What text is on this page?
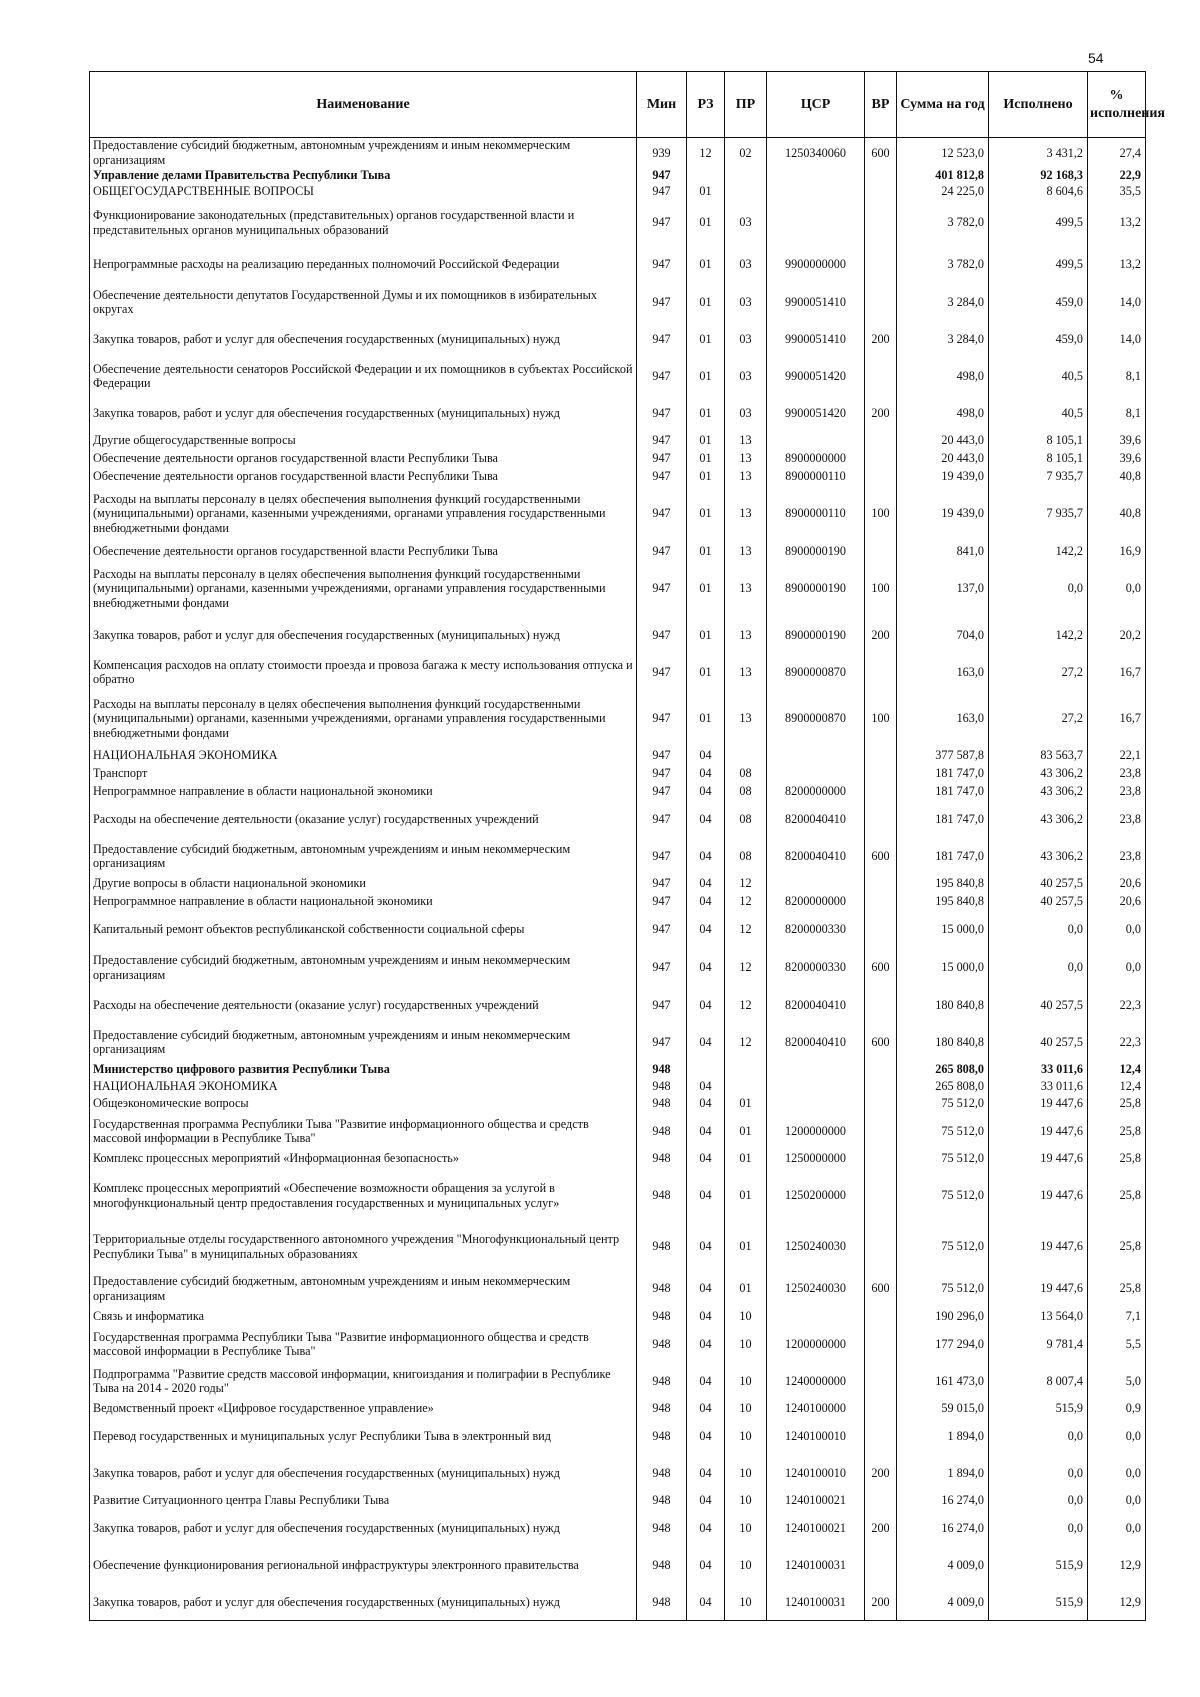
54
Наименование	Мин	РЗ	ПР	ЦСР	ВР	Сумма на год	Исполнено	% исполнения
Предоставление субсидий бюджетным, автономным учреждениям и иным некоммерческим организациям	939	12	02	1250340060	600	12 523,0	3 431,2	27,4
Управление делами Правительства Республики Тыва	947					401 812,8	92 168,3	22,9
ОБЩЕГОСУДАРСТВЕННЫЕ ВОПРОСЫ	947	01				24 225,0	8 604,6	35,5
Функционирование законодательных (представительных) органов государственной власти и представительных органов муниципальных образований	947	01	03			3 782,0	499,5	13,2
Непрограммные расходы на реализацию переданных полномочий Российской Федерации	947	01	03	9900000000		3 782,0	499,5	13,2
Обеспечение деятельности депутатов Государственной Думы и их помощников в избирательных округах	947	01	03	9900051410		3 284,0	459,0	14,0
Закупка товаров, работ и услуг для обеспечения государственных (муниципальных) нужд	947	01	03	9900051410	200	3 284,0	459,0	14,0
Обеспечение деятельности сенаторов Российской Федерации и их помощников в субъектах Российской Федерации	947	01	03	9900051420		498,0	40,5	8,1
Закупка товаров, работ и услуг для обеспечения государственных (муниципальных) нужд	947	01	03	9900051420	200	498,0	40,5	8,1
Другие общегосударственные вопросы	947	01	13			20 443,0	8 105,1	39,6
Обеспечение деятельности органов государственной власти Республики Тыва	947	01	13	8900000000		20 443,0	8 105,1	39,6
Обеспечение деятельности органов государственной власти Республики Тыва	947	01	13	8900000110		19 439,0	7 935,7	40,8
Расходы на выплаты персоналу в целях обеспечения выполнения функций государственными (муниципальными) органами, казенными учреждениями, органами управления государственными внебюджетными фондами	947	01	13	8900000110	100	19 439,0	7 935,7	40,8
Обеспечение деятельности органов государственной власти Республики Тыва	947	01	13	8900000190		841,0	142,2	16,9
Расходы на выплаты персоналу в целях обеспечения выполнения функций государственными (муниципальными) органами, казенными учреждениями, органами управления государственными внебюджетными фондами	947	01	13	8900000190	100	137,0	0,0	0,0
Закупка товаров, работ и услуг для обеспечения государственных (муниципальных) нужд	947	01	13	8900000190	200	704,0	142,2	20,2
Компенсация расходов на оплату стоимости проезда и провоза багажа к месту использования отпуска и обратно	947	01	13	8900000870		163,0	27,2	16,7
Расходы на выплаты персоналу в целях обеспечения выполнения функций государственными (муниципальными) органами, казенными учреждениями, органами управления государственными внебюджетными фондами	947	01	13	8900000870	100	163,0	27,2	16,7
НАЦИОНАЛЬНАЯ ЭКОНОМИКА	947	04				377 587,8	83 563,7	22,1
Транспорт	947	04	08			181 747,0	43 306,2	23,8
Непрограммное направление в области национальной экономики	947	04	08	8200000000		181 747,0	43 306,2	23,8
Расходы на обеспечение деятельности (оказание услуг) государственных учреждений	947	04	08	8200040410		181 747,0	43 306,2	23,8
Предоставление субсидий бюджетным, автономным учреждениям и иным некоммерческим организациям	947	04	08	8200040410	600	181 747,0	43 306,2	23,8
Другие вопросы в области национальной экономики	947	04	12			195 840,8	40 257,5	20,6
Непрограммное направление в области национальной экономики	947	04	12	8200000000		195 840,8	40 257,5	20,6
Капитальный ремонт объектов республиканской собственности социальной сферы	947	04	12	8200000330		15 000,0	0,0	0,0
Предоставление субсидий бюджетным, автономным учреждениям и иным некоммерческим организациям	947	04	12	8200000330	600	15 000,0	0,0	0,0
Расходы на обеспечение деятельности (оказание услуг) государственных учреждений	947	04	12	8200040410		180 840,8	40 257,5	22,3
Предоставление субсидий бюджетным, автономным учреждениям и иным некоммерческим организациям	947	04	12	8200040410	600	180 840,8	40 257,5	22,3
Министерство цифрового развития Республики Тыва	948					265 808,0	33 011,6	12,4
НАЦИОНАЛЬНАЯ ЭКОНОМИКА	948	04				265 808,0	33 011,6	12,4
Общеэкономические вопросы	948	04	01			75 512,0	19 447,6	25,8
Государственная программа Республики Тыва "Развитие информационного общества и средств массовой информации в Республике Тыва"	948	04	01	1200000000		75 512,0	19 447,6	25,8
Комплекс процессных мероприятий «Информационная безопасность»	948	04	01	1250000000		75 512,0	19 447,6	25,8
Комплекс процессных мероприятий «Обеспечение возможности обращения за услугой в многофункциональный центр предоставления государственных и муниципальных услуг»	948	04	01	1250200000		75 512,0	19 447,6	25,8
Территориальные отделы государственного автономного учреждения "Многофункциональный центр Республики Тыва" в муниципальных образованиях	948	04	01	1250240030		75 512,0	19 447,6	25,8
Предоставление субсидий бюджетным, автономным учреждениям и иным некоммерческим организациям	948	04	01	1250240030	600	75 512,0	19 447,6	25,8
Связь и информатика	948	04	10			190 296,0	13 564,0	7,1
Государственная программа Республики Тыва "Развитие информационного общества и средств массовой информации в Республике Тыва"	948	04	10	1200000000		177 294,0	9 781,4	5,5
Подпрограмма "Развитие средств массовой информации, книгоиздания и полиграфии в Республике Тыва на 2014 - 2020 годы"	948	04	10	1240000000		161 473,0	8 007,4	5,0
Ведомственный проект «Цифровое государственное управление»	948	04	10	1240100000		59 015,0	515,9	0,9
Перевод государственных и муниципальных услуг Республики Тыва в электронный вид	948	04	10	1240100010		1 894,0	0,0	0,0
Закупка товаров, работ и услуг для обеспечения государственных (муниципальных) нужд	948	04	10	1240100010	200	1 894,0	0,0	0,0
Развитие Ситуационного центра Главы Республики Тыва	948	04	10	1240100021		16 274,0	0,0	0,0
Закупка товаров, работ и услуг для обеспечения государственных (муниципальных) нужд	948	04	10	1240100021	200	16 274,0	0,0	0,0
Обеспечение функционирования региональной инфраструктуры электронного правительства	948	04	10	1240100031		4 009,0	515,9	12,9
Закупка товаров, работ и услуг для обеспечения государственных (муниципальных) нужд	948	04	10	1240100031	200	4 009,0	515,9	12,9
